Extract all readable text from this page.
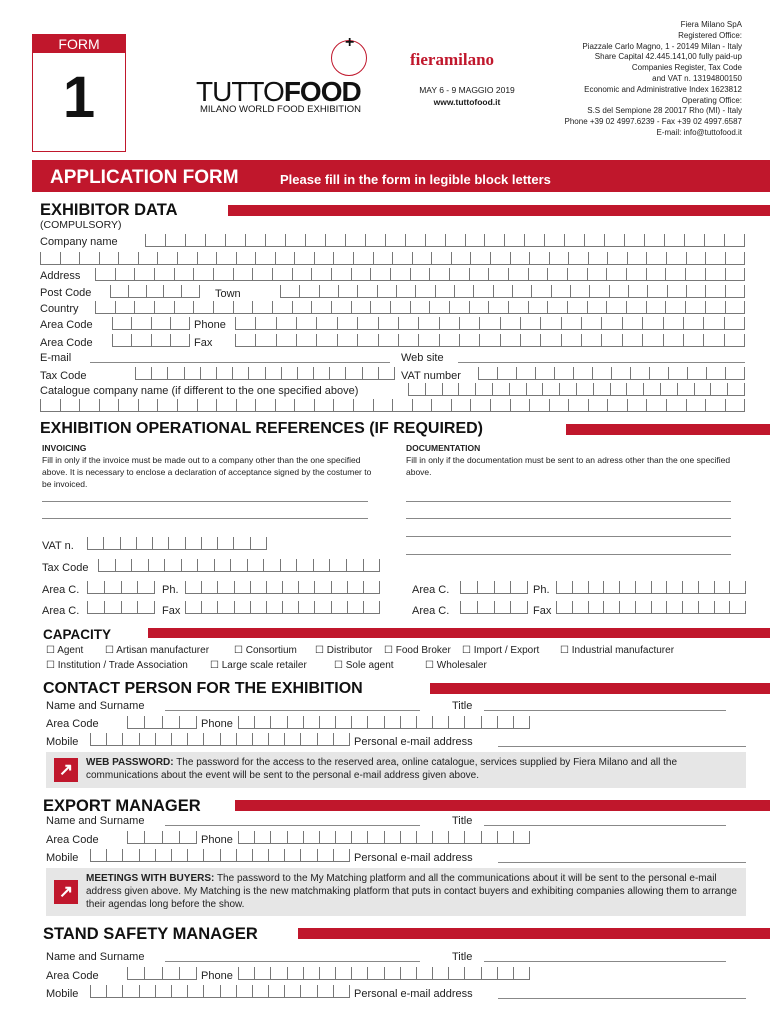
FORM
1
+
TUTTOFOOD
MILANO WORLD FOOD EXHIBITION
fieramilano
MAY 6 - 9 MAGGIO 2019
www.tuttofood.it
Fiera Milano SpA
Registered Office:
Piazzale Carlo Magno, 1 - 20149 Milan - Italy
Share Capital 42.445.141,00 fully paid-up
Companies Register, Tax Code
and VAT n. 13194800150
Economic and Administrative Index 1623812
Operating Office:
S.S del Sempione 28 20017 Rho (MI) - Italy
Phone +39 02 4997.6239 - Fax +39 02 4997.6587
E-mail: info@tuttofood.it
APPLICATION FORM	Please fill in the form in legible block letters
EXHIBITOR DATA
(COMPULSORY)
Company name
Address
Post Code	Town
Country
Area Code	Phone
Area Code	Fax
E-mail	Web site
Tax Code	VAT number
Catalogue company name (if different to the one specified above)
EXHIBITION OPERATIONAL REFERENCES (IF REQUIRED)
INVOICING
Fill in only if the invoice must be made out to a company other than the one specified above. It is necessary to enclose a declaration of acceptance signed by the costumer to be invoiced.
DOCUMENTATION
Fill in only if the documentation must be sent to an adress other than the one specified above.
VAT n.
Tax Code
Area C.	Ph.
Area C.	Fax
Area C.	Ph.
Area C.	Fax
CAPACITY
☐ Agent ☐ Artisan manufacturer ☐ Consortium ☐ Distributor ☐ Food Broker ☐ Import / Export ☐ Industrial manufacturer
☐ Institution / Trade Association ☐ Large scale retailer	☐ Sole agent	☐ Wholesaler
CONTACT PERSON FOR THE EXHIBITION
Name and Surname	Title
Area Code	Phone
Mobile	Personal e-mail address
↗	WEB PASSWORD: The password for the access to the reserved area, online catalogue, services supplied by Fiera Milano and all the communications about the event will be sent to the personal e-mail address given above.
EXPORT MANAGER
Name and Surname	Title
Area Code	Phone
Mobile	Personal e-mail address
↗
MEETINGS WITH BUYERS: The password to the My Matching platform and all the communications about it will be sent to the personal e-mail address given above. My Matching is the new matchmaking platform that puts in contact buyers and exhibiting companies allowing them to arrange their agendas long before the show.
STAND SAFETY MANAGER
Name and Surname	Title
Area Code	Phone
Mobile	Personal e-mail address
